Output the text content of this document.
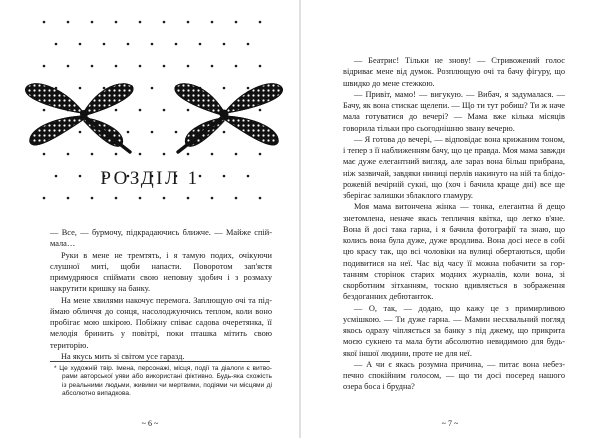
РОЗДІЛ 1

— Все, — бурмочу, підкрадаючись ближче. — Майже спій-мала…

Руки в мене не тремтять, і я тамую подих, очікуючи слушної миті, щоби напасти. Поворотом зап'ястя примудряюся спіймати свою неповну здобич і з розмаху накрутити кришку на банку.

На мене хвилями накочує перемога. Заплющую очі та під-ймаю обличчя до сонця, насолоджуючись теплом, коли воно пробігає мою шкірою. Побіжну співає садова очеретянка, її мелодія бринить у повітрі, поки пташка мітить свою територію.

На якусь мить зі світом усе гаразд.

* Це художній твір. Імена, персонажі, місця, події та діалоги є витво-рами авторської уяви або використані фіктивно. Будь-яка схожість із реальними людьми, живими чи мертвими, подіями чи місцями ді абсолютно випадкова.
~ 6 ~

— Беатрис! Тільки не знову! — Стривожений голос відриває мене від думок. Розплющую очі та бачу фігуру, що швидко до мене стежкою.

— Привіт, мамо! — вигукую. — Вибач, я задумалася. — Бачу, як вона стискає щелепи. — Що ти тут робиш? Ти ж наче мала готуватися до вечері? — Мама вже кілька місяців говорила тільки про сьогоднішню звану вечерю.

— Я готова до вечері, — відповідає вона крижаним тоном, і тепер з її наближенням бачу, що це правда. Моя мама завжди має дуже елегантний вигляд, але зараз вона більш прибрана, ніж зазвичай, завдяки ниниці перлів накинуто на ній та блідо-рожевій вечірній сукні, що (хоч і бачила краще дні) все ще зберігає залишки зблаклого гламуру.

Моя мама витончена жінка — тонка, елегантна й дещо знетомлена, неначе якась тепличня квітка, що легко в'яне. Вона й досі така гарна, і я бачила фотографії та знаю, що колись вона була дуже, дуже вродлива. Вона досі несе в собі цю красу так, що всі чоловіки на вулиці обертаються, щоби подивитися на неї. Час від часу її можна побачити за гор-танням сторінок старих модних журналів, коли вона, зі скорботним зітханням, тоскно вдивляється в зображення бездоганних дебютанток.

— О, так, — додаю, що кажу це з примирливою усмішкою. — Ти дуже гарна. — Мамин несхвальний погляд якось одразу чіпляється за банку з під джему, що прикрита моєю сукнею та мала бути абсолютно невидимою для будь-якої іншої людини, проте не для неї.

— А чи є якась розумна причина, — питає вона небез-печно спокійним голосом, — що ти досі посеред нашого озера боса і брудна?

~ 7 ~
